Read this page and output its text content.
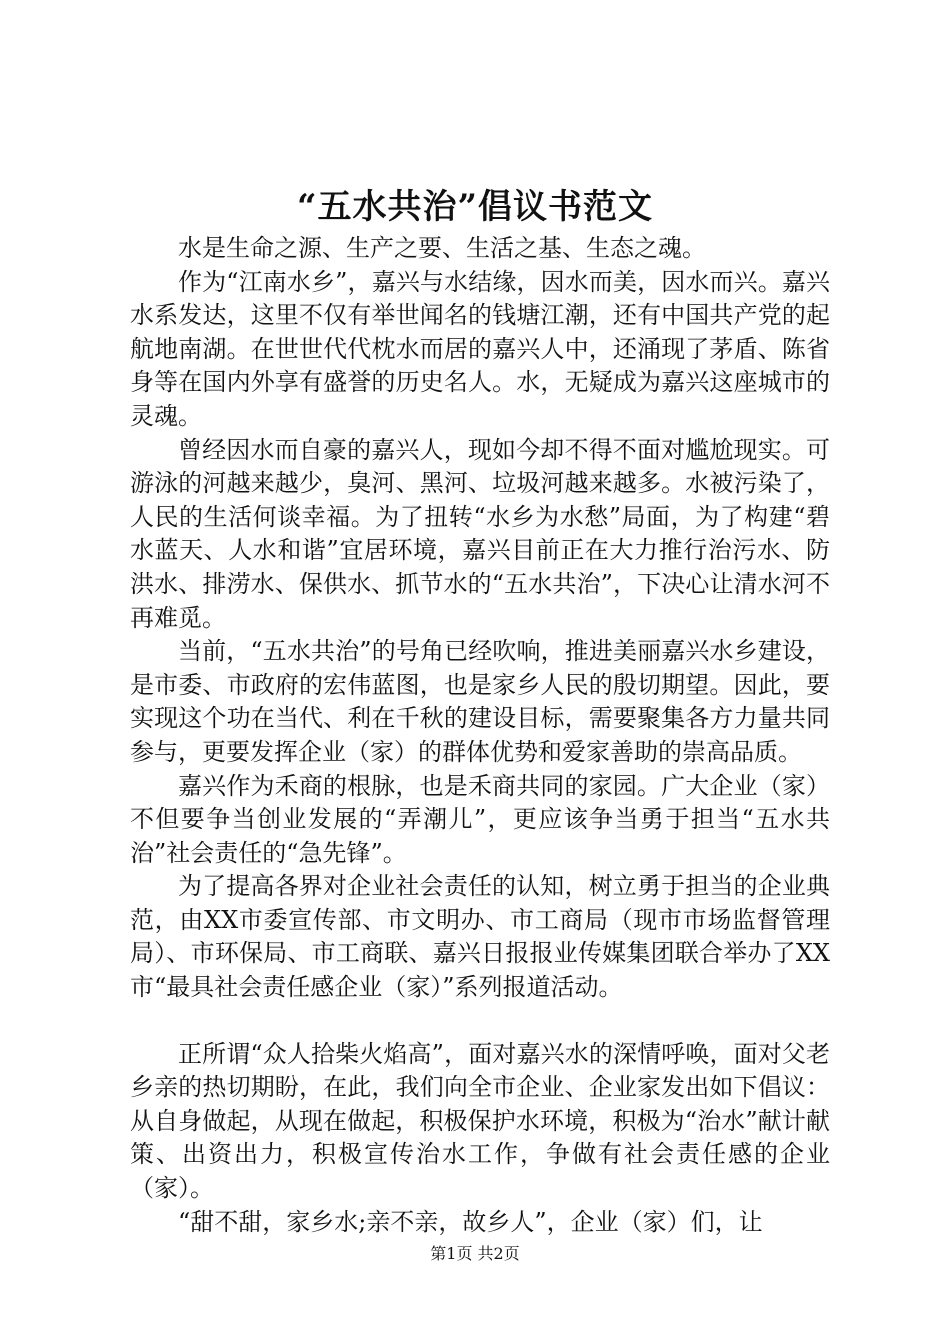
“五水共治”倡议书范文

水是生命之源、生产之要、生活之基、生态之魂。

作为“江南水乡”，嘉兴与水结缘，因水而美，因水而兴。嘉兴水系发达，这里不仅有举世闻名的钱塘江潮，还有中国共产党的起航地南湖。在世世代代枕水而居的嘉兴人中，还涌现了茅盾、陈省身等在国内外享有盛誉的历史名人。水，无疑成为嘉兴这座城市的灵魂。

曾经因水而自豪的嘉兴人，现如今却不得不面对尴尬现实。可游泳的河越来越少，臭河、黑河、垃圾河越来越多。水被污染了，人民的生活何谈幸福。为了扭转“水乡为水愁”局面，为了构建“碧水蓝天、人水和谐”宜居环境，嘉兴目前正在大力推行治污水、防洪水、排涝水、保供水、抓节水的“五水共治”，下决心让清水河不再难觅。

当前，“五水共治”的号角已经吹响，推进美丽嘉兴水乡建设，是市委、市政府的宏伟蓝图，也是家乡人民的殷切期望。因此，要实现这个功在当代、利在千秋的建设目标，需要聚集各方力量共同参与，更要发挥企业（家）的群体优势和爱家善助的崇高品质。

嘉兴作为禾商的根脉，也是禾商共同的家园。广大企业（家）不但要争当创业发展的“弄潮儿”，更应该争当勇于担当“五水共治”社会责任的“急先锋”。

为了提高各界对企业社会责任的认知，树立勇于担当的企业典范，由XX市委宣传部、市文明办、市工商局（现市市场监督管理局）、市环保局、市工商联、嘉兴日报报业传媒集团联合举办了XX市“最具社会责任感企业（家）”系列报道活动。

正所谓“众人拾柴火焰高”，面对嘉兴水的深情呼唤，面对父老乡亲的热切期盼，在此，我们向全市企业、企业家发出如下倡议：从自身做起，从现在做起，积极保护水环境，积极为“治水”献计献策、出资出力，积极宣传治水工作，争做有社会责任感的企业（家）。

“甜不甜，家乡水;亲不亲，故乡人”，企业（家）们，让

第1页 共2页
